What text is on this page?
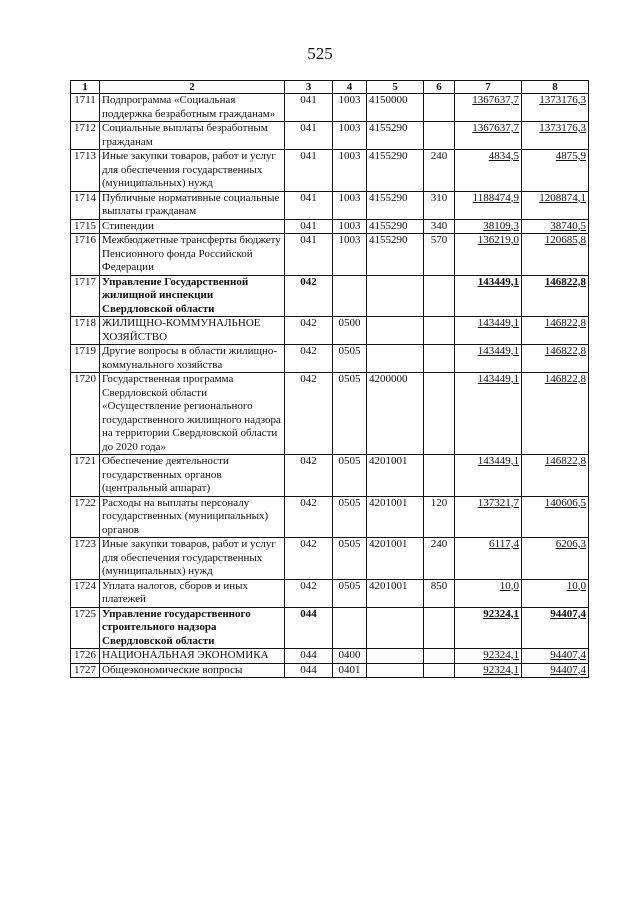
525
1	2	3	4	5	6	7	8
1711	Подпрограмма «Социальная поддержка безработным гражданам»	041	1003	4150000		1367637,7	1373176,3
1712	Социальные выплаты безработным гражданам	041	1003	4155290		1367637,7	1373176,3
1713	Иные закупки товаров, работ и услуг для обеспечения государственных (муниципальных) нужд	041	1003	4155290	240	4834,5	4875,9
1714	Публичные нормативные социальные выплаты гражданам	041	1003	4155290	310	1188474,9	1208874,1
1715	Стипендии	041	1003	4155290	340	38109,3	38740,5
1716	Межбюджетные трансферты бюджету Пенсионного фонда Российской Федерации	041	1003	4155290	570	136219,0	120685,8
1717	Управление Государственной жилищной инспекции Свердловской области	042				143449,1	146822,8
1718	ЖИЛИЩНО-КОММУНАЛЬНОЕ ХОЗЯЙСТВО	042	0500			143449,1	146822,8
1719	Другие вопросы в области жилищно-коммунального хозяйства	042	0505			143449,1	146822,8
1720	Государственная программа Свердловской области «Осуществление регионального государственного жилищного надзора на территории Свердловской области до 2020 года»	042	0505	4200000		143449,1	146822,8
1721	Обеспечение деятельности государственных органов (центральный аппарат)	042	0505	4201001		143449,1	146822,8
1722	Расходы на выплаты персоналу государственных (муниципальных) органов	042	0505	4201001	120	137321,7	140606,5
1723	Иные закупки товаров, работ и услуг для обеспечения государственных (муниципальных) нужд	042	0505	4201001	240	6117,4	6206,3
1724	Уплата налогов, сборов и иных платежей	042	0505	4201001	850	10,0	10,0
1725	Управление государственного строительного надзора Свердловской области	044				92324,1	94407,4
1726	НАЦИОНАЛЬНАЯ ЭКОНОМИКА	044	0400			92324,1	94407,4
1727	Общеэкономические вопросы	044	0401			92324,1	94407,4
